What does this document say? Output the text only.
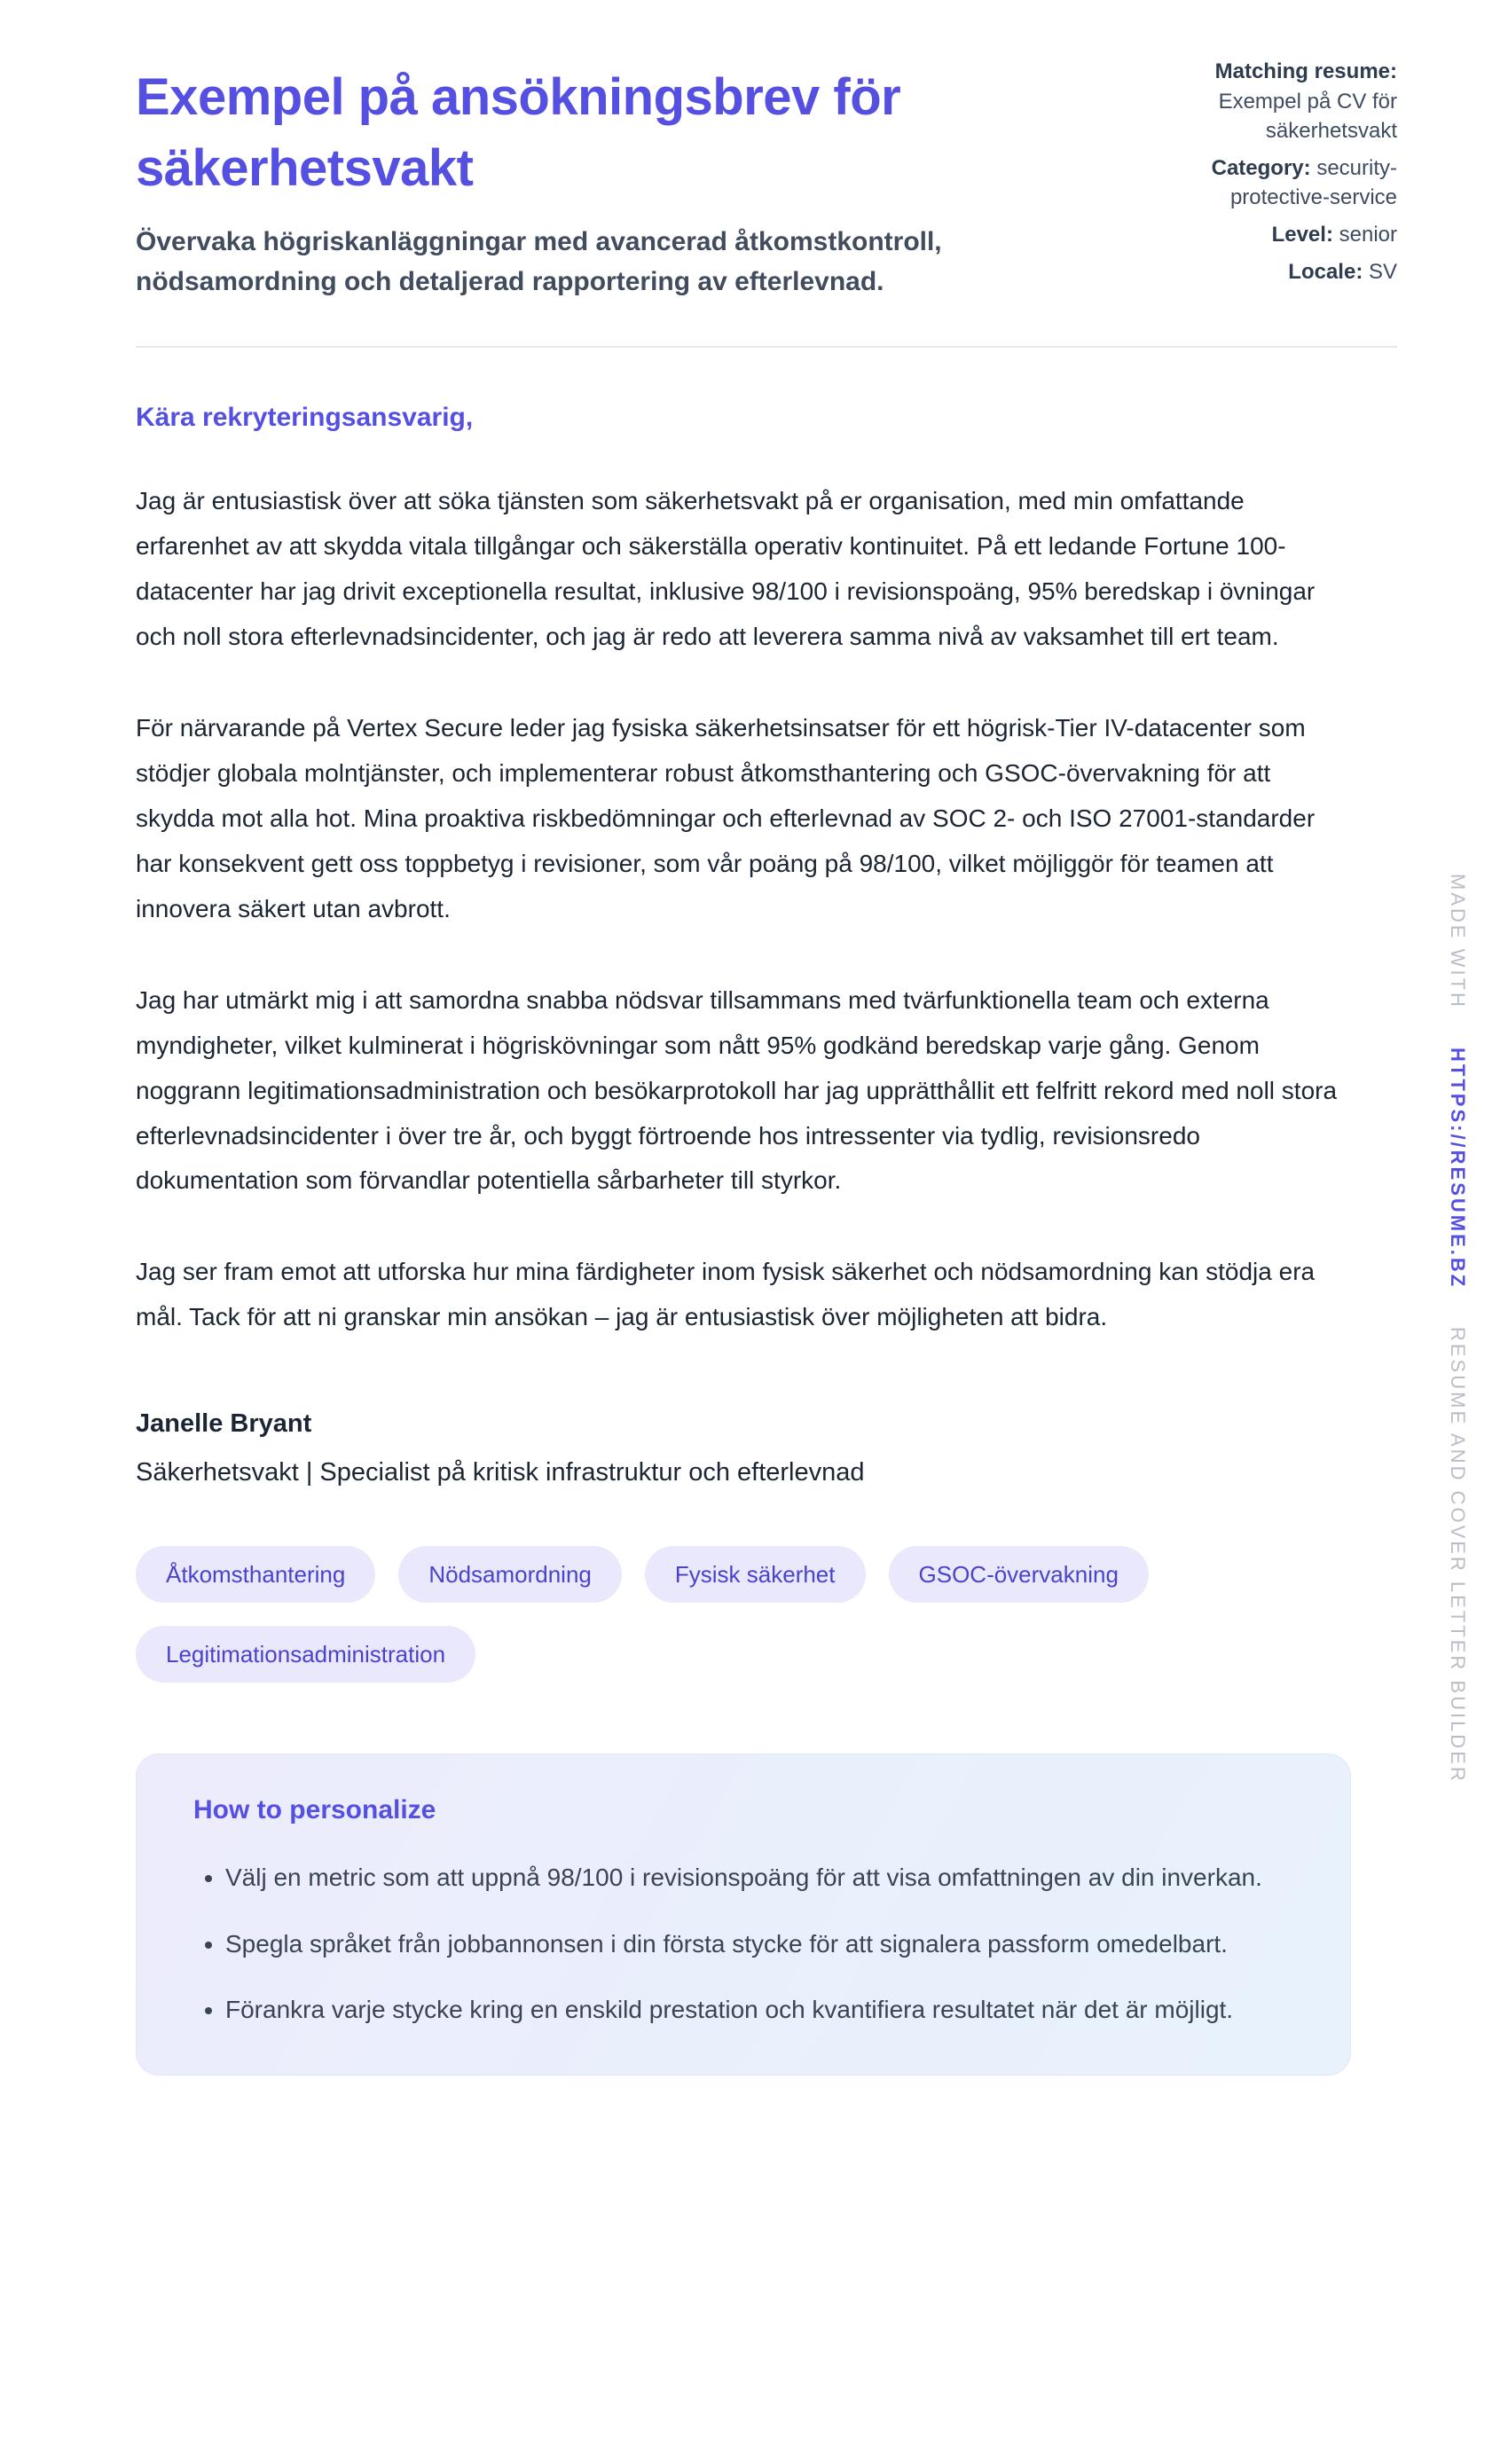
Exempel på ansökningsbrev för säkerhetsvakt

Övervaka högriskanläggningar med avancerad åtkomstkontroll, nödsamordning och detaljerad rapportering av efterlevnad.

Matching resume: Exempel på CV för säkerhetsvakt
Category: security-protective-service
Level: senior
Locale: SV

Kära rekryteringsansvarig,

Jag är entusiastisk över att söka tjänsten som säkerhetsvakt på er organisation, med min omfattande erfarenhet av att skydda vitala tillgångar och säkerställa operativ kontinuitet. På ett ledande Fortune 100-datacenter har jag drivit exceptionella resultat, inklusive 98/100 i revisionspoäng, 95% beredskap i övningar och noll stora efterlevnadsincidenter, och jag är redo att leverera samma nivå av vaksamhet till ert team.

För närvarande på Vertex Secure leder jag fysiska säkerhetsinsatser för ett högrisk-Tier IV-datacenter som stödjer globala molntjänster, och implementerar robust åtkomsthantering och GSOC-övervakning för att skydda mot alla hot. Mina proaktiva riskbedömningar och efterlevnad av SOC 2- och ISO 27001-standarder har konsekvent gett oss toppbetyg i revisioner, som vår poäng på 98/100, vilket möjliggör för teamen att innovera säkert utan avbrott.

Jag har utmärkt mig i att samordna snabba nödsvar tillsammans med tvärfunktionella team och externa myndigheter, vilket kulminerat i högriskövningar som nått 95% godkänd beredskap varje gång. Genom noggrann legitimationsadministration och besökarprotokoll har jag upprätthållit ett felfritt rekord med noll stora efterlevnadsincidenter i över tre år, och byggt förtroende hos intressenter via tydlig, revisionsredo dokumentation som förvandlar potentiella sårbarheter till styrkor.

Jag ser fram emot att utforska hur mina färdigheter inom fysisk säkerhet och nödsamordning kan stödja era mål. Tack för att ni granskar min ansökan – jag är entusiastisk över möjligheten att bidra.

Janelle Bryant

Säkerhetsvakt | Specialist på kritisk infrastruktur och efterlevnad

Åtkomsthantering	Nödsamordning	Fysisk säkerhet	GSOC-övervakning
Legitimationsadministration
How to personalize
• Välj en metric som att uppnå 98/100 i revisionspoäng för att visa omfattningen av din inverkan.
• Spegla språket från jobbannonsen i din första stycke för att signalera passform omedelbart.
• Förankra varje stycke kring en enskild prestation och kvantifiera resultatet när det är möjligt.
MADE WITH HTTPS://RESUME.BZ RESUME AND COVER LETTER BUILDER
